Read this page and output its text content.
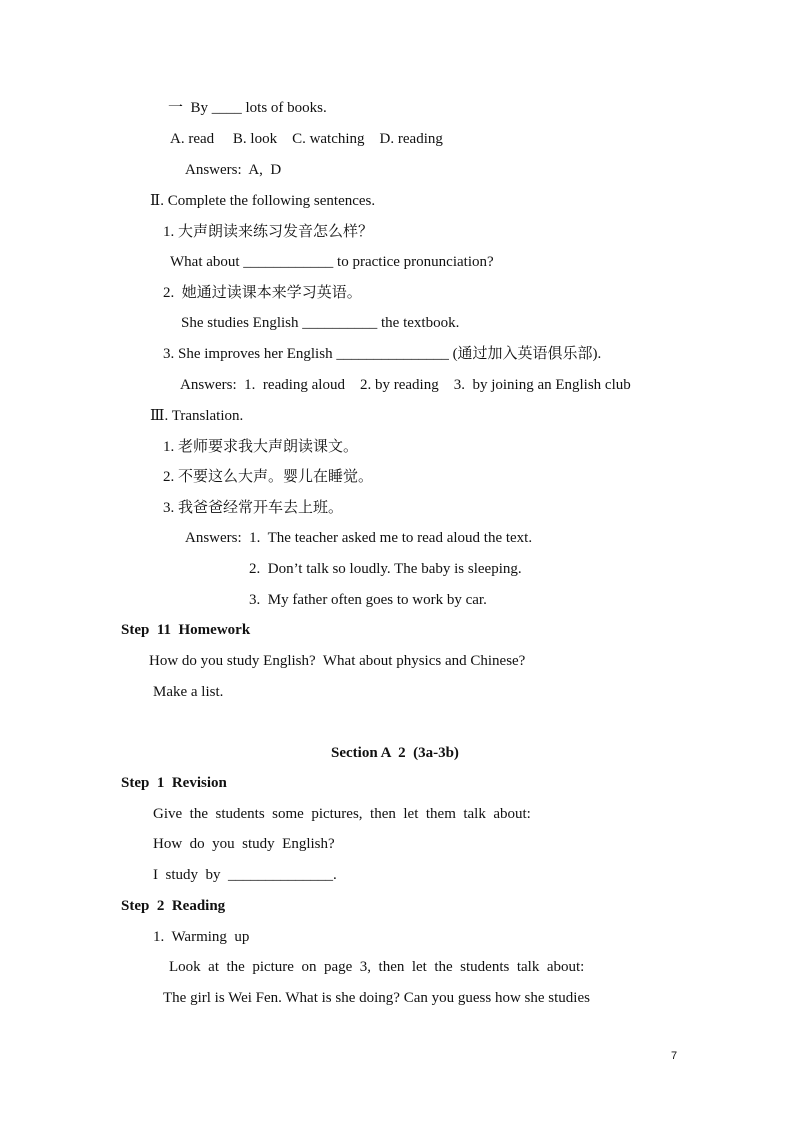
一  By ____ lots of books.
A. read     B. look    C. watching    D. reading
Answers:  A,  D
Ⅱ. Complete the following sentences.
1. 大声朗读来练习发音怎么样？
What about ____________ to practice pronunciation?
2.  她通过读课本来学习英语。
She studies English __________ the textbook.
3. She improves her English _______________ (通过加入英语俱乐部).
Answers:  1.  reading aloud    2. by reading    3.  by joining an English club
Ⅲ. Translation.
1. 老师要求我大声朗读课文。
2. 不要这么大声。婴儿在睡觉。
3. 我爸爸经常开车去上班。
Answers:  1.  The teacher asked me to read aloud the text.
2.  Don’t talk so loudly. The baby is sleeping.
3.  My father often goes to work by car.
Step  11  Homework
How do you study English?  What about physics and Chinese?
Make a list.
Section A  2  (3a-3b)
Step  1  Revision
Give  the  students  some  pictures,  then  let  them  talk  about:
How  do  you  study  English?
I  study  by  ______________.
Step  2  Reading
1.  Warming  up
Look  at  the  picture  on  page  3,  then  let  the  students  talk  about:
The girl is Wei Fen. What is she doing? Can you guess how she studies
7
